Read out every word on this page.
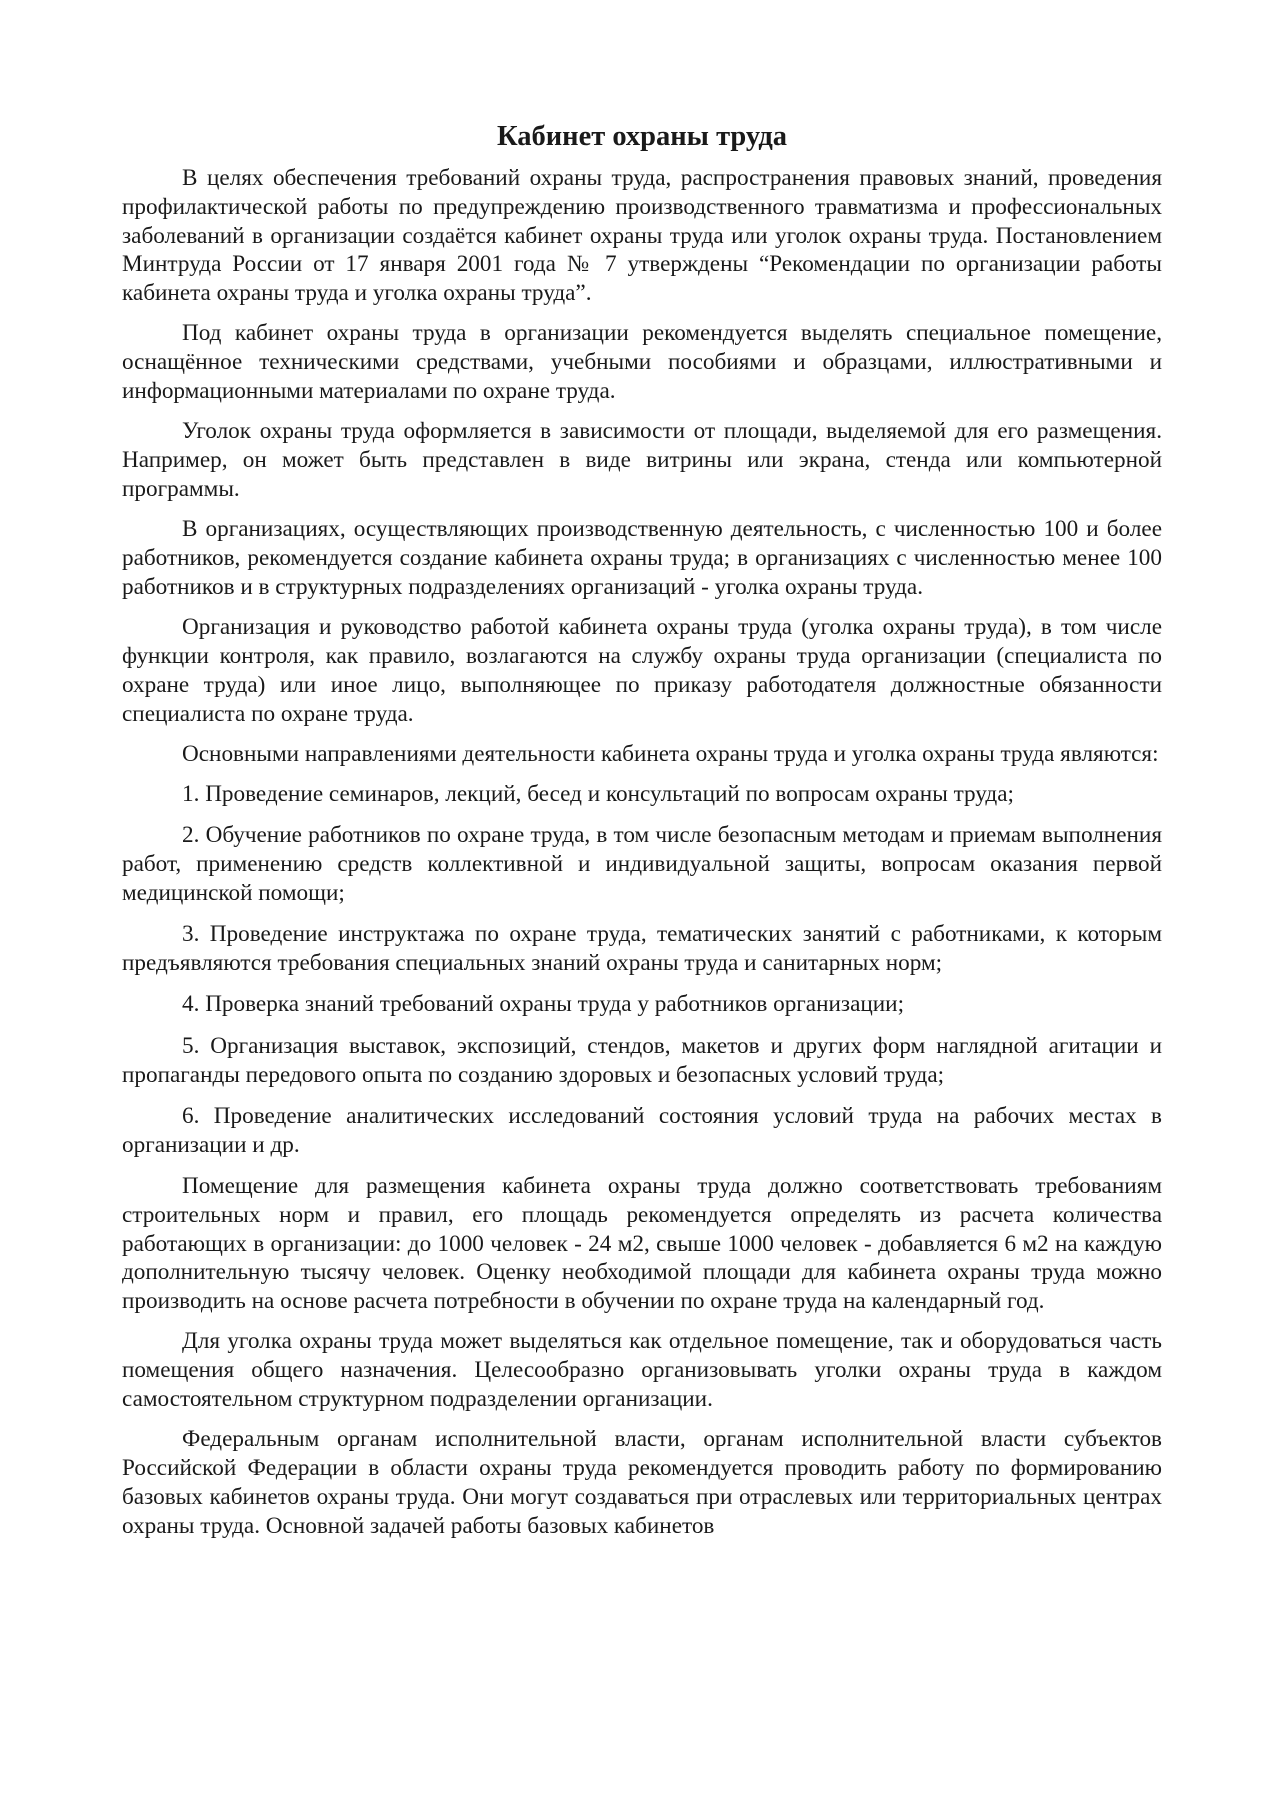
Кабинет охраны труда

В целях обеспечения требований охраны труда, распространения правовых знаний, проведения профилактической работы по предупреждению производственного травматизма и профессиональных заболеваний в организации создаётся кабинет охраны труда или уголок охраны труда. Постановлением Минтруда России от 17 января 2001 года № 7 утверждены “Рекомендации по организации работы кабинета охраны труда и уголка охраны труда”.

Под кабинет охраны труда в организации рекомендуется выделять специальное помещение, оснащённое техническими средствами, учебными пособиями и образцами, иллюстративными и информационными материалами по охране труда.

Уголок охраны труда оформляется в зависимости от площади, выделяемой для его размещения. Например, он может быть представлен в виде витрины или экрана, стенда или компьютерной программы.

В организациях, осуществляющих производственную деятельность, с численностью 100 и более работников, рекомендуется создание кабинета охраны труда; в организациях с численностью менее 100 работников и в структурных подразделениях организаций - уголка охраны труда.

Организация и руководство работой кабинета охраны труда (уголка охраны труда), в том числе функции контроля, как правило, возлагаются на службу охраны труда организации (специалиста по охране труда) или иное лицо, выполняющее по приказу работодателя должностные обязанности специалиста по охране труда.

Основными направлениями деятельности кабинета охраны труда и уголка охраны труда являются:

1. Проведение семинаров, лекций, бесед и консультаций по вопросам охраны труда;

2. Обучение работников по охране труда, в том числе безопасным методам и приемам выполнения работ, применению средств коллективной и индивидуальной защиты, вопросам оказания первой медицинской помощи;

3. Проведение инструктажа по охране труда, тематических занятий с работниками, к которым предъявляются требования специальных знаний охраны труда и санитарных норм;

4. Проверка знаний требований охраны труда у работников организации;

5. Организация выставок, экспозиций, стендов, макетов и других форм наглядной агитации и пропаганды передового опыта по созданию здоровых и безопасных условий труда;

6. Проведение аналитических исследований состояния условий труда на рабочих местах в организации и др.

Помещение для размещения кабинета охраны труда должно соответствовать требованиям строительных норм и правил, его площадь рекомендуется определять из расчета количества работающих в организации: до 1000 человек - 24 м2, свыше 1000 человек - добавляется 6 м2 на каждую дополнительную тысячу человек. Оценку необходимой площади для кабинета охраны труда можно производить на основе расчета потребности в обучении по охране труда на календарный год.

Для уголка охраны труда может выделяться как отдельное помещение, так и оборудоваться часть помещения общего назначения. Целесообразно организовывать уголки охраны труда в каждом самостоятельном структурном подразделении организации.

Федеральным органам исполнительной власти, органам исполнительной власти субъектов Российской Федерации в области охраны труда рекомендуется проводить работу по формированию базовых кабинетов охраны труда. Они могут создаваться при отраслевых или территориальных центрах охраны труда. Основной задачей работы базовых кабинетов
